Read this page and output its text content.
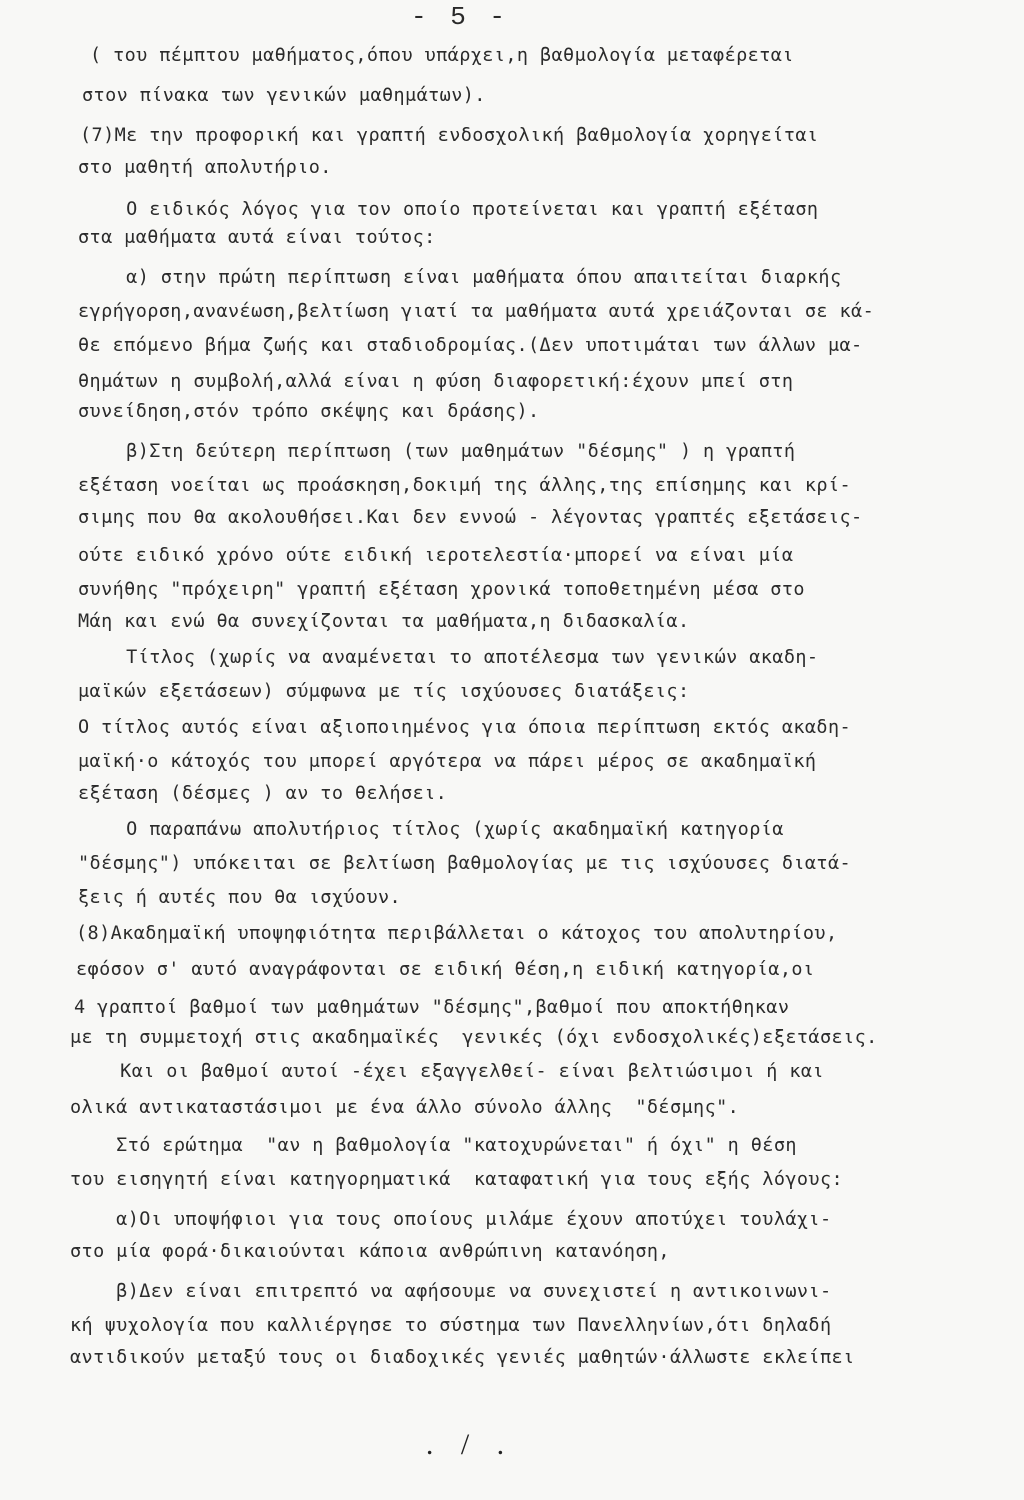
- 5 -
( του πέμπτου μαθήματος,όπου υπάρχει,η βαθμολογία μεταφέρεται
στον πίνακα των γενικών μαθημάτων).
(7)Με την προφορική και γραπτή ενδοσχολική βαθμολογία χορηγείται
στο μαθητή απολυτήριο.
Ο ειδικός λόγος για τον οποίο προτείνεται και γραπτή εξέταση
στα μαθήματα αυτά είναι τούτος:
α) στην πρώτη περίπτωση είναι μαθήματα όπου απαιτείται διαρκής
εγρήγορση,ανανέωση,βελτίωση γιατί τα μαθήματα αυτά χρειάζονται σε κά-
θε επόμενο βήμα ζωής και σταδιοδρομίας.(Δεν υποτιμάται των άλλων μα-
θημάτων η συμβολή,αλλά είναι η φύση διαφορετική:έχουν μπεί στη
συνείδηση,στόν τρόπο σκέψης και δράσης).
β)Στη δεύτερη περίπτωση (των μαθημάτων "δέσμης" ) η γραπτή
εξέταση νοείται ως προάσκηση,δοκιμή της άλλης,της επίσημης και κρί-
σιμης που θα ακολουθήσει.Και δεν εννοώ - λέγοντας γραπτές εξετάσεις-
ούτε ειδικό χρόνο ούτε ειδική ιεροτελεστία·μπορεί να είναι μία
συνήθης "πρόχειρη" γραπτή εξέταση χρονικά τοποθετημένη μέσα στο
Μάη και ενώ θα συνεχίζονται τα μαθήματα,η διδασκαλία.
Τίτλος (χωρίς να αναμένεται το αποτέλεσμα των γενικών ακαδη-
μαϊκών εξετάσεων) σύμφωνα με τίς ισχύουσες διατάξεις:
Ο τίτλος αυτός είναι αξιοποιημένος για όποια περίπτωση εκτός ακαδη-
μαϊκή·ο κάτοχός του μπορεί αργότερα να πάρει μέρος σε ακαδημαϊκή
εξέταση (δέσμες ) αν το θελήσει.
Ο παραπάνω απολυτήριος τίτλος (χωρίς ακαδημαϊκή κατηγορία
"δέσμης") υπόκειται σε βελτίωση βαθμολογίας με τις ισχύουσες διατά-
ξεις ή αυτές που θα ισχύουν.
(8)Ακαδημαϊκή υποψηφιότητα περιβάλλεται ο κάτοχος του απολυτηρίου,
εφόσον σ' αυτό αναγράφονται σε ειδική θέση,η ειδική κατηγορία,οι
4 γραπτοί βαθμοί των μαθημάτων "δέσμης",βαθμοί που αποκτήθηκαν
με τη συμμετοχή στις ακαδημαϊκές  γενικές (όχι ενδοσχολικές)εξετάσεις.
Και οι βαθμοί αυτοί -έχει εξαγγελθεί- είναι βελτιώσιμοι ή και
ολικά αντικαταστάσιμοι με ένα άλλο σύνολο άλλης  "δέσμης".
Στό ερώτημα  "αν η βαθμολογία "κατοχυρώνεται" ή όχι" η θέση
του εισηγητή είναι κατηγορηματικά  καταφατική για τους εξής λόγους:
α)Οι υποψήφιοι για τους οποίους μιλάμε έχουν αποτύχει τουλάχι-
στο μία φορά·δικαιούνται κάποια ανθρώπινη κατανόηση,
β)Δεν είναι επιτρεπτό να αφήσουμε να συνεχιστεί η αντικοινωνι-
κή ψυχολογία που καλλιέργησε το σύστημα των Πανελληνίων,ότι δηλαδή
αντιδικούν μεταξύ τους οι διαδοχικές γενιές μαθητών·άλλωστε εκλείπει
. / .
